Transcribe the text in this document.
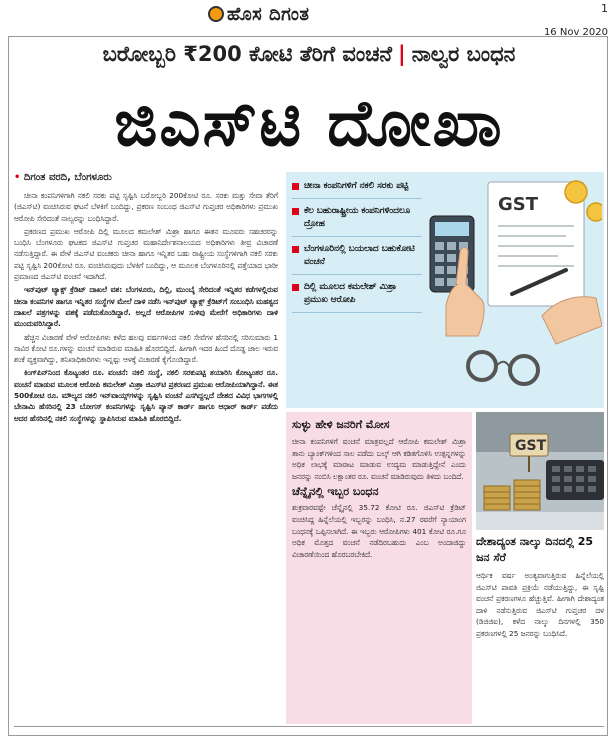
ಹೊಸ ದಿಗಂತ	1
16 Nov 2020
ಬರೋಬ್ಬರಿ ₹200 ಕೋಟಿ ತೆರಿಗೆ ವಂಚನೆ | ನಾಲ್ವರ ಬಂಧನ
ಜಿಎಸ್‌ಟಿ ದೋಖಾ
• ದಿಗಂತ ವರದಿ, ಬೆಂಗಳೂರು

ಚೀನಾ ಕಂಪನಿಗಳಿಗಾಗಿ ನಕಲಿ ಸರಕು ಪಟ್ಟಿ ಸೃಷ್ಟಿಸಿ ಬರೋಬ್ಬರಿ 200ಕೋಟಿ ರೂ. ಸರಕು ಮತ್ತು ಸೇವಾ ತೆರಿಗೆ (ಜಿಎಸ್‌ಟಿ) ವಂಚಿಸಿರುವ ಘಟನೆ ಬೆಳಕಿಗೆ ಬಂದಿದ್ದು, ಪ್ರಕರಣ ಸಂಬಂಧ ಜಿಎಸ್‌ಟಿ ಗುಪ್ತಚರ ಅಧಿಕಾರಿಗಳು ಪ್ರಮುಖ ಆರೋಪಿ ಸೇರಿದಂತೆ ನಾಲ್ವರನ್ನು ಬಂಧಿಸಿದ್ದಾರೆ.

ಪ್ರಕರಣದ ಪ್ರಮುಖ ಆರೋಪಿ ದಿಲ್ಲಿ ಮೂಲದ ಕಮಲೇಶ್ ಮಿಶ್ರಾ ಹಾಗೂ ಈತನ ಮೂವರು ಸಹಚರರನ್ನು ಬಂಧಿಸಿ ಬೆಂಗಳೂರು ಘಟಕದ ಜಿಎಸ್‌ಟಿ ಗುಪ್ತಚರ ಮಹಾನಿರ್ದೇಶನಾಲಯದ ಅಧಿಕಾರಿಗಳು ತೀವ್ರ ವಿಚಾರಣೆ ನಡೆಸುತ್ತಿದ್ದಾರೆ. ಈ ವೇಳೆ ಜಿಎಸ್‌ಟಿ ವಂಚಕರು ಚೀನಾ ಹಾಗೂ ಇನ್ನಿತರ ಬಹು ರಾಷ್ಟ್ರೀಯ ಸಂಸ್ಥೆಗಳಿಗಾಗಿ ನಕಲಿ ಸರಕು ಪಟ್ಟಿ ಸೃಷ್ಟಿಸಿ 200ಕೋಟಿ ರೂ. ವಂಚಿಸಿರುವುದು ಬೆಳಕಿಗೆ ಬಂದಿದ್ದು, ಆ ಮೂಲಕ ಬೆಂಗಳೂರಿನಲ್ಲಿ ಪತ್ತೆಯಾದ ಭಾರೀ ಪ್ರಮಾಣದ ಜಿಎಸ್‌ಟಿ ವಂಚನೆ ಇದಾಗಿದೆ.

ಇನ್‌ಪುಟ್ ಟ್ಯಾಕ್ಸ್ ಕ್ರೆಡಿಟ್ ದಾಖಲೆ ವಶ: ಬೆಂಗಳೂರು, ದಿಲ್ಲಿ, ಮುಂಬೈ ಸೇರಿದಂತೆ ಇನ್ನಿತರ ಕಡೆಗಳಲ್ಲಿರುವ ಚೀನಾ ಕಂಪನಿಗಳ ಹಾಗೂ ಇನ್ನಿತರ ಸಂಸ್ಥೆಗಳ ಮೇಲೆ ದಾಳಿ ನಡೆಸಿ ಇನ್‌ಪುಟ್ ಟ್ಯಾಕ್ಸ್ ಕ್ರೆಡಿಟ್‌ಗೆ ಸಂಬಂಧಿಸಿ ಮಹತ್ವದ ದಾಖಲೆ ಪತ್ರಗಳನ್ನು ವಶಕ್ಕೆ ಪಡೆದುಕೊಂಡಿದ್ದಾರೆ. ಅಲ್ಲದೆ ಆರೋಪಿಗಳ ಸುಳಿವು ಮೇರೆಗೆ ಅಧಿಕಾರಿಗಳು ದಾಳಿ ಮುಂದುವರಿಸಿದ್ದಾರೆ.

ಹೆಚ್ಚಿನ ವಿಚಾರಣೆ ವೇಳೆ ಆರೋಪಿಗಳು ಕಳೆದ ಹಲವು ವರ್ಷಗಳಿಂದ ನಕಲಿ ಸೇವೆಗಳ ಹೆಸರಿನಲ್ಲಿ ಸರಿಸುಮಾರು 1 ಸಾವಿರ ಕೋಟಿ ರೂ.ಗಳನ್ನು ವಂಚನೆ ಮಾಡಿರುವ ಮಾಹಿತಿ ಹೊರಬಿದ್ದಿದೆ. ಹೀಗಾಗಿ ಇದರ ಹಿಂದೆ ದೊಡ್ಡ ಜಾಲ ಇರುವ ಶಂಕೆ ವ್ಯಕ್ತವಾಗಿದ್ದು, ತನಿಖಾಧಿಕಾರಿಗಳು ಇನ್ನಷ್ಟು ಆಳಕ್ಕೆ ವಿಚಾರಣೆ ಕೈಗೊಂಡಿದ್ದಾರೆ.

ಕಿಂಗ್‌ಪಿನ್‌ನಿಂದ ಕೊಟ್ಯಂತರ ರೂ. ವಂಚನೆ: ನಕಲಿ ಸಂಸ್ಥೆ, ನಕಲಿ ಸರಕುಪಟ್ಟಿ ತಯಾರಿಸಿ ಕೋಟ್ಯಂತರ ರೂ. ವಂಚನೆ ಮಾಡುವ ಮೂಲಕ ಆರೋಪಿ ಕಮಲೇಶ್ ಮಿಶ್ರಾ ಜಿಎಸ್‌ಟಿ ಪ್ರಕರಣದ ಪ್ರಮುಖ ಆರೋಪಿಯಾಗಿದ್ದಾನೆ. ಈತ 500ಕೋಟಿ ರೂ. ಮೌಲ್ಯದ ನಕಲಿ ಇನ್‌ವಾಯ್ಸ್‌ಗಳನ್ನು ಸೃಷ್ಟಿಸಿ ವಂಚನೆ ಎಸಗಿದ್ದಲ್ಲದೆ ದೇಶದ ವಿವಿಧ ಭಾಗಗಳಲ್ಲಿ ಬೇನಾಮಿ ಹೆಸರಿನಲ್ಲಿ 23 ಬೋಗಸ್ ಕಂಪನಿಗಳನ್ನು ಸೃಷ್ಟಿಸಿ ಪ್ಯಾನ್ ಕಾರ್ಡ್ ಹಾಗೂ ಆಧಾರ್ ಕಾರ್ಡ್ ಪಡೆದು ಅದರ ಹೆಸರಿನಲ್ಲಿ ನಕಲಿ ಸಂಸ್ಥೆಗಳನ್ನು ಸ್ಥಾಪಿಸಿರುವ ಮಾಹಿತಿ ಹೊರಬಿದ್ದಿದೆ.

ಚೀನಾ ಕಂಪನಿಗಳಿಗೆ ನಕಲಿ ಸರಕು ಪಟ್ಟಿ
ಕೆಲ ಬಹುರಾಷ್ಟ್ರೀಯ ಕಂಪನಿಗಳಿಂದಲೂ ದ್ರೋಹ
ಬೆಂಗಳೂರಿನಲ್ಲಿ ಬಯಲಾದ ಬಹುಕೋಟಿ ವಂಚನೆ
ದಿಲ್ಲಿ ಮೂಲದ ಕಮಲೇಶ್ ಮಿಶ್ರಾ ಪ್ರಮುಖ ಆರೋಪಿ
GST
ಸುಳ್ಳು ಹೇಳಿ ಜನರಿಗೆ ಮೋಸ

ಚೀನಾ ಕಂಪನಿಗಳಿಗೆ ವಂಚನೆ ಮಾತ್ರವಲ್ಲದೆ ಆರೋಪಿ ಕಮಲೇಶ್ ಮಿಶ್ರಾ ತಾನು ಬ್ಯಾಂಕ್‌ಗಳಿಂದ ಸಾಲ ಪಡೆದು ಬಲ್ಕ್ ಆಗಿ ಕಡಿತಗೊಳಿಸಿ ಉತ್ಪನ್ನಗಳನ್ನು ಅಧಿಕ ಲಾಭಕ್ಕೆ ಮಾರಾಟ ಮಾಡುವ ಉದ್ಯಮ ಮಾಡುತ್ತಿದ್ದೇನೆ ಎಂದು ಜನರನ್ನು ನಂಬಿಸಿ ಲಕ್ಷಾಂತರ ರೂ. ವಂಚನೆ ಮಾಡಿರುವುದು ತಿಳಿದು ಬಂದಿದೆ.

ಚೆನ್ನೈನಲ್ಲಿ ಇಬ್ಬರ ಬಂಧನ

ಶುಕ್ರವಾರವಷ್ಟೇ ಚೆನ್ನೈನಲ್ಲಿ 35.72 ಕೋಟಿ ರೂ. ಜಿಎಸ್‌ಟಿ ಕ್ರೆಡಿಟ್ ವಂಚಿಸಿದ್ದ ಹಿನ್ನೆಲೆಯಲ್ಲಿ ಇಬ್ಬರನ್ನು ಬಂಧಿಸಿ, ನ.27 ರವರೆಗೆ ನ್ಯಾಯಾಂಗ ಬಂಧನಕ್ಕೆ ಒಪ್ಪಿಸಲಾಗಿದೆ. ಈ ಇಬ್ಬರು ಆರೋಪಿಗಳು 401 ಕೋಟಿ ರೂ.ಗೂ ಅಧಿಕ ಮೊತ್ತದ ವಂಚನೆ ನಡೆದಿರಬಹುದು ಎಂಬ ಅಂದಾಜಿದ್ದು ವಿಚಾರಣೆಯಿಂದ ಹೊರಬರಬೇಕಿದೆ.

GST
ದೇಶಾದ್ಯಂತ ನಾಲ್ಕು ದಿನದಲ್ಲಿ 25 ಜನ ಸೆರೆ

ಆರ್ಥಿಕ ವರ್ಷ ಅಂತ್ಯವಾಗುತ್ತಿರುವ ಹಿನ್ನೆಲೆಯಲ್ಲಿ ಜಿಎಸ್‌ಟಿ ಪಾವತಿ ಪ್ರಕ್ರಿಯೆ ನಡೆಯುತ್ತಿದ್ದು, ಈ ಸೃಷ್ಟಿ ವಂಚನೆ ಪ್ರಕರಣಗಳೂ ಹೆಚ್ಚುತ್ತಿವೆ. ಹೀಗಾಗಿ ದೇಶಾದ್ಯಂತ ದಾಳಿ ನಡೆಸುತ್ತಿರುವ ಜಿಎಸ್‌ಟಿ ಗುಪ್ತಚರ ದಳ (ಡಿಜಿಜಿಐ), ಕಳೆದ ನಾಲ್ಕು ದಿನಗಳಲ್ಲಿ 350 ಪ್ರಕರಣಗಳಲ್ಲಿ 25 ಜನರನ್ನು ಬಂಧಿಸಿದೆ.
